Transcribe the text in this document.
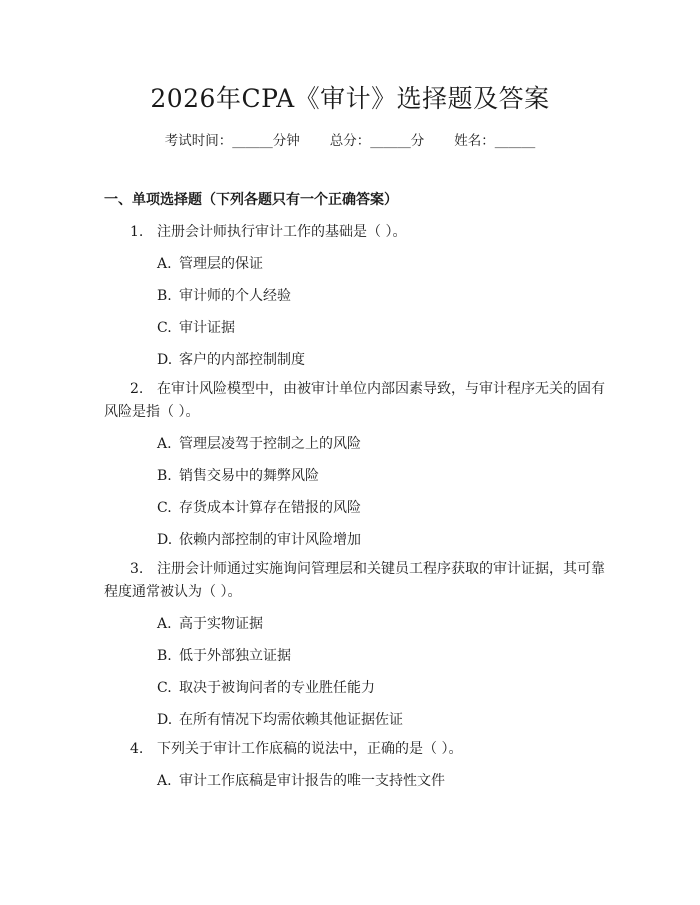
2026年CPA《审计》选择题及答案
考试时间：______分钟 总分：______分 姓名：______
一、单项选择题（下列各题只有一个正确答案）
1. 注册会计师执行审计工作的基础是（ ）。
A. 管理层的保证
B. 审计师的个人经验
C. 审计证据
D. 客户的内部控制制度
2. 在审计风险模型中，由被审计单位内部因素导致，与审计程序无关的固有风险是指（ ）。
A. 管理层凌驾于控制之上的风险
B. 销售交易中的舞弊风险
C. 存货成本计算存在错报的风险
D. 依赖内部控制的审计风险增加
3. 注册会计师通过实施询问管理层和关键员工程序获取的审计证据，其可靠程度通常被认为（ ）。
A. 高于实物证据
B. 低于外部独立证据
C. 取决于被询问者的专业胜任能力
D. 在所有情况下均需依赖其他证据佐证
4. 下列关于审计工作底稿的说法中，正确的是（ ）。
A. 审计工作底稿是审计报告的唯一支持性文件
